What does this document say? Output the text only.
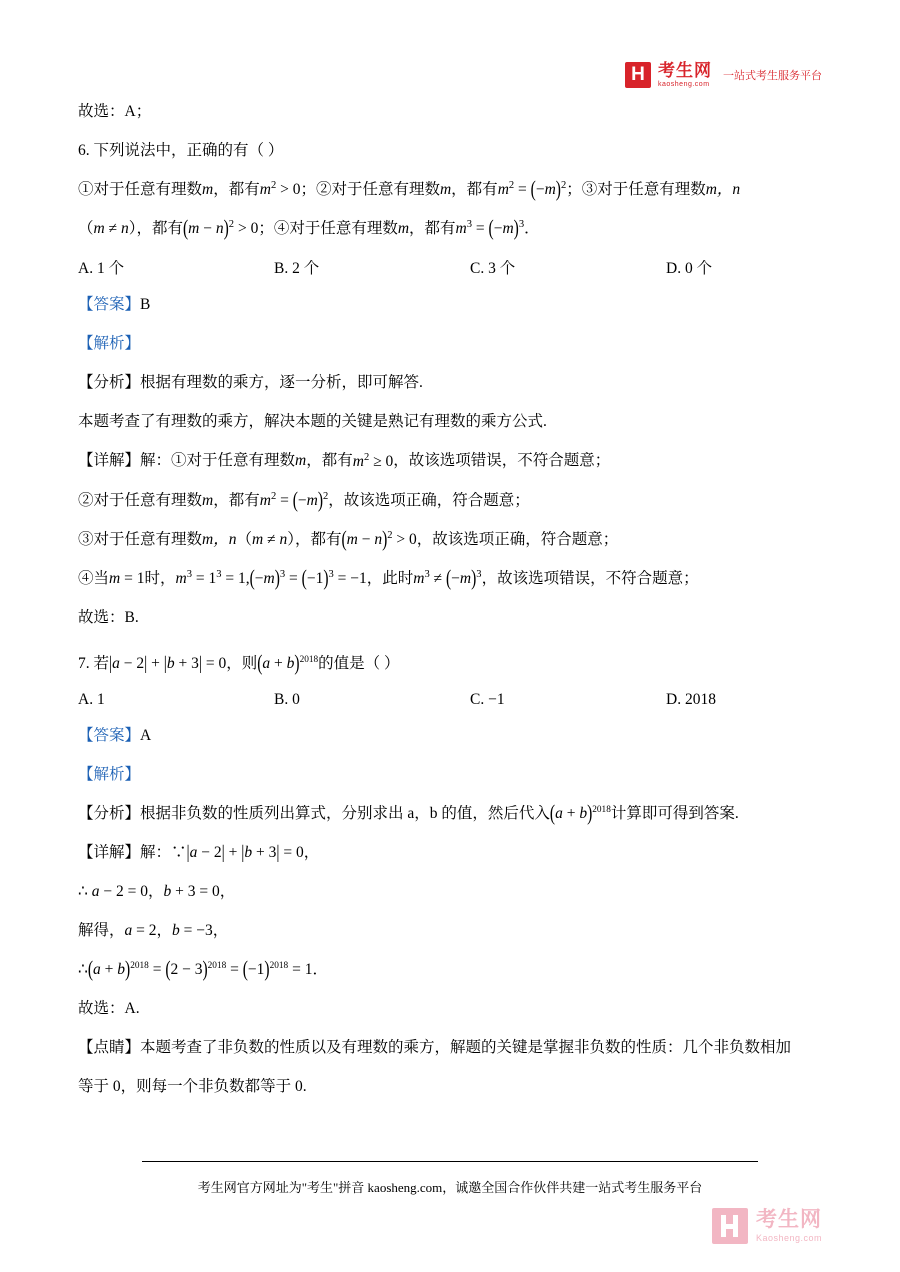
H 考生网
kaosheng.com
一站式考生服务平台

故选：A；

6. 下列说法中，正确的有（ ）

①对于任意有理数m，都有$m^2 > 0$；②对于任意有理数m，都有$m^2 = (-m)^2$；③对于任意有理数m，n

（m ≠ n），都有$(m - n)^2 > 0$；④对于任意有理数m，都有$m^3 = (-m)^3$．

A. 1 个	B. 2 个	C. 3 个	D. 0 个

【答案】B

【解析】

【分析】根据有理数的乘方，逐一分析，即可解答.

本题考查了有理数的乘方，解决本题的关键是熟记有理数的乘方公式.

【详解】解：①对于任意有理数m，都有$m^2 \ge 0$，故该选项错误，不符合题意；

②对于任意有理数m，都有$m^2 = (-m)^2$，故该选项正确，符合题意；

③对于任意有理数m，n（m ≠ n），都有$(m - n)^2 > 0$，故该选项正确，符合题意；

④当m = 1时，$m^3 = 1^3 = 1,(-m)^3 = (-1)^3 = -1$，此时$m^3 \ne (-m)^3$，故该选项错误，不符合题意；

故选：B.

7. 若|a − 2| + |b + 3| = 0，则$(a + b)^{2018}$的值是（ ）

A. 1	B. 0	C. −1	D. 2018

【答案】A

【解析】

【分析】根据非负数的性质列出算式，分别求出 a，b 的值，然后代入$(a + b)^{2018}$计算即可得到答案.

【详解】解：∵|a − 2| + |b + 3| = 0，

∴ a − 2 = 0，b + 3 = 0，

解得，a = 2，b = −3，

∴(a + $b)^{2018} = (2 - 3)^{2018} = (-1)^{2018} = 1$．

故选：A.

【点睛】本题考查了非负数的性质以及有理数的乘方，解题的关键是掌握非负数的性质：几个非负数相加

等于 0，则每一个非负数都等于 0.

考生网官方网址为"考生"拼音 kaosheng.com，诚邀全国合作伙伴共建一站式考生服务平台
考生网
Kaosheng.com
